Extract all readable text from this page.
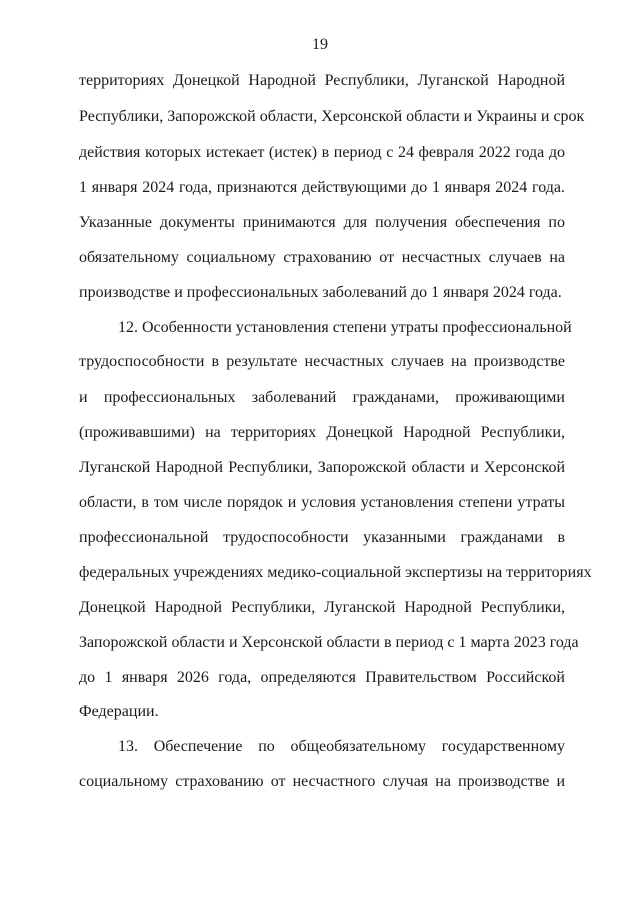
19
территориях Донецкой Народной Республики, Луганской Народной
Республики, Запорожской области, Херсонской области и Украины и срок
действия которых истекает (истек) в период с 24 февраля 2022 года до
1 января 2024 года, признаются действующими до 1 января 2024 года.
Указанные документы принимаются для получения обеспечения по
обязательному социальному страхованию от несчастных случаев на
производстве и профессиональных заболеваний до 1 января 2024 года.
12. Особенности установления степени утраты профессиональной
трудоспособности в результате несчастных случаев на производстве
и профессиональных заболеваний гражданами, проживающими
(проживавшими) на территориях Донецкой Народной Республики,
Луганской Народной Республики, Запорожской области и Херсонской
области, в том числе порядок и условия установления степени утраты
профессиональной трудоспособности указанными гражданами в
федеральных учреждениях медико-социальной экспертизы на территориях
Донецкой Народной Республики, Луганской Народной Республики,
Запорожской области и Херсонской области в период с 1 марта 2023 года
до 1 января 2026 года, определяются Правительством Российской
Федерации.
13. Обеспечение по общеобязательному государственному
социальному страхованию от несчастного случая на производстве и
